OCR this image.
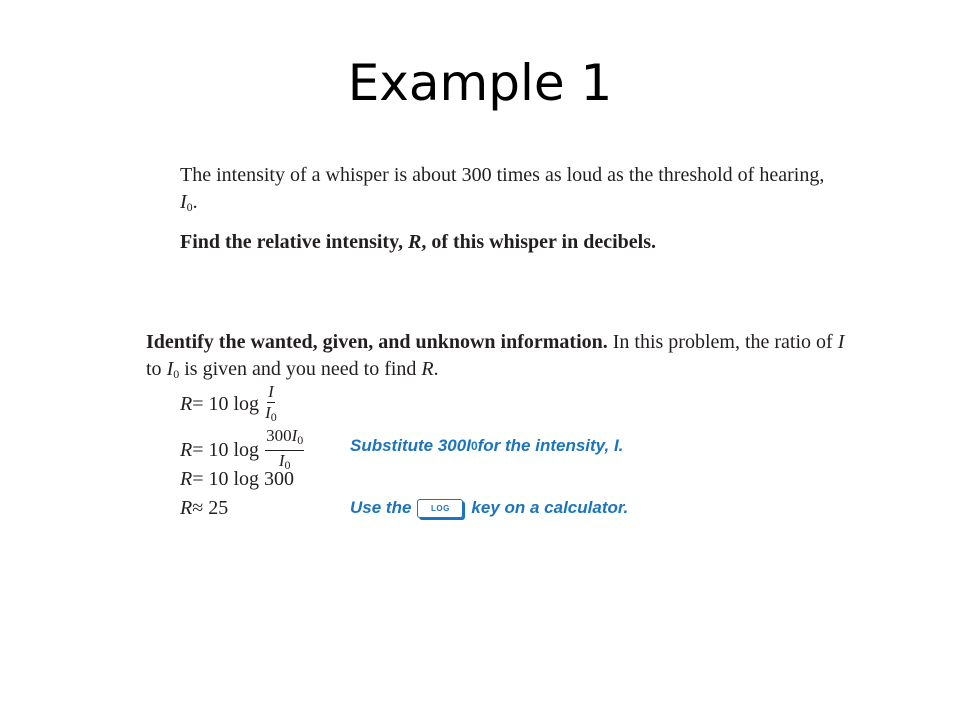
Example 1
The intensity of a whisper is about 300 times as loud as the threshold of hearing, $I_0$.
Find the relative intensity, R, of this whisper in decibels.
Identify the wanted, given, and unknown information. In this problem, the ratio of I to $I_0$ is given and you need to find R.
R = 10 $\log \frac{I}{I_0}$
R = 10 $\log \frac{300I_0}{I_0}$
R = 10 log 300
R ≈ 25
Substitute 300 I 0 for the intensity, I.
Use the	LOG	key on a calculator.
